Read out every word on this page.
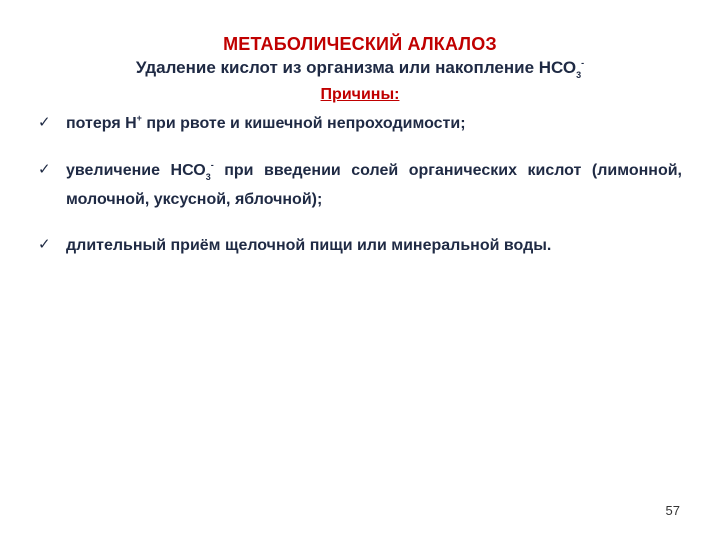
МЕТАБОЛИЧЕСКИЙ АЛКАЛОЗ
Удаление кислот из организма или накопление $НСО_3^-$
Причины:
✓ потеря Н+ при рвоте и кишечной непроходимости;
✓ увеличение $НСО_3^-$ при введении солей органических кислот (лимонной, молочной, уксусной, яблочной);
✓ длительный приём щелочной пищи или минеральной воды.
57
